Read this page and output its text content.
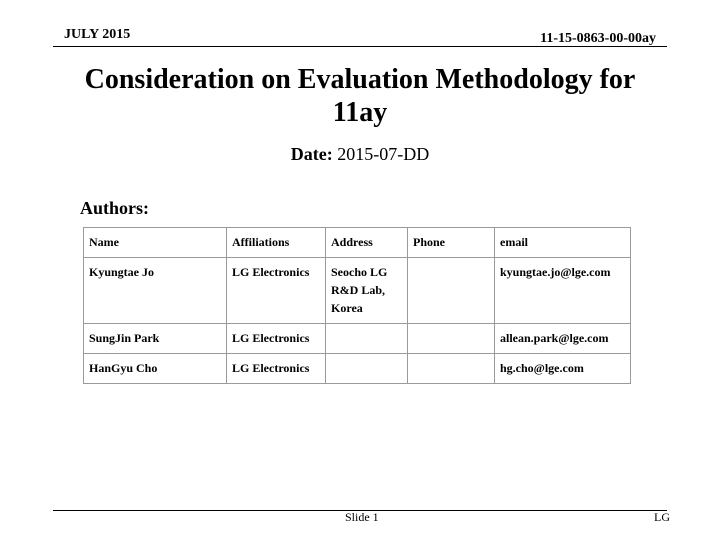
JULY 2015	11-15-0863-00-00ay
Consideration on Evaluation Methodology for 11ay
Date: 2015-07-DD
Authors:
Name	Affiliations	Address	Phone	email
Kyungtae Jo	LG Electronics	Seocho LG R&D Lab, Korea		kyungtae.jo@lge.com
SungJin Park	LG Electronics			allean.park@lge.com
HanGyu Cho	LG Electronics			hg.cho@lge.com
Slide 1	LG
